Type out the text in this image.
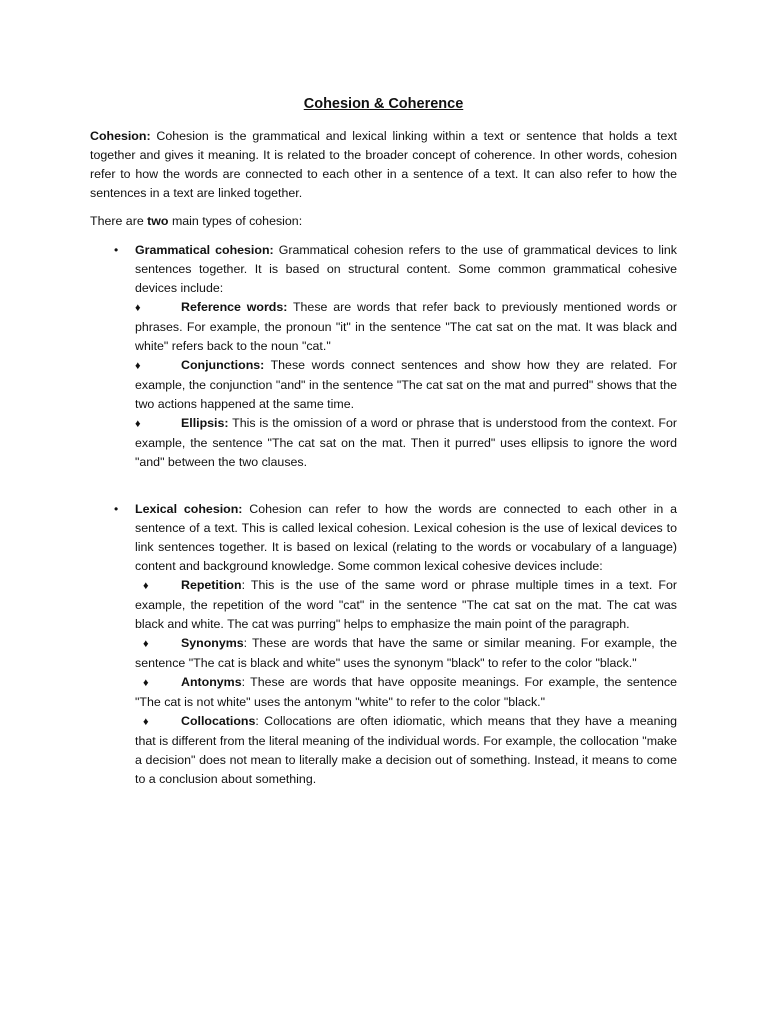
Cohesion & Coherence

Cohesion: Cohesion is the grammatical and lexical linking within a text or sentence that holds a text together and gives it meaning. It is related to the broader concept of coherence. In other words, cohesion refer to how the words are connected to each other in a sentence of a text. It can also refer to how the sentences in a text are linked together.

There are two main types of cohesion:

• Grammatical cohesion: Grammatical cohesion refers to the use of grammatical devices to link sentences together. It is based on structural content. Some common grammatical cohesive devices include:

♦	Reference words: These are words that refer back to previously mentioned words or phrases. For example, the pronoun "it" in the sentence "The cat sat on the mat. It was black and white" refers back to the noun "cat."

♦	Conjunctions: These words connect sentences and show how they are related. For example, the conjunction "and" in the sentence "The cat sat on the mat and purred" shows that the two actions happened at the same time.

♦	Ellipsis: This is the omission of a word or phrase that is understood from the context. For example, the sentence "The cat sat on the mat. Then it purred" uses ellipsis to ignore the word "and" between the two clauses.

• Lexical cohesion: Cohesion can refer to how the words are connected to each other in a sentence of a text. This is called lexical cohesion. Lexical cohesion is the use of lexical devices to link sentences together. It is based on lexical (relating to the words or vocabulary of a language) content and background knowledge. Some common lexical cohesive devices include:

♦	Repetition: This is the use of the same word or phrase multiple times in a text. For example, the repetition of the word "cat" in the sentence "The cat sat on the mat. The cat was black and white. The cat was purring" helps to emphasize the main point of the paragraph.

♦	Synonyms: These are words that have the same or similar meaning. For example, the sentence "The cat is black and white" uses the synonym "black" to refer to the color "black."

♦	Antonyms: These are words that have opposite meanings. For example, the sentence "The cat is not white" uses the antonym "white" to refer to the color "black."

♦	Collocations: Collocations are often idiomatic, which means that they have a meaning that is different from the literal meaning of the individual words. For example, the collocation "make a decision" does not mean to literally make a decision out of something. Instead, it means to come to a conclusion about something.
